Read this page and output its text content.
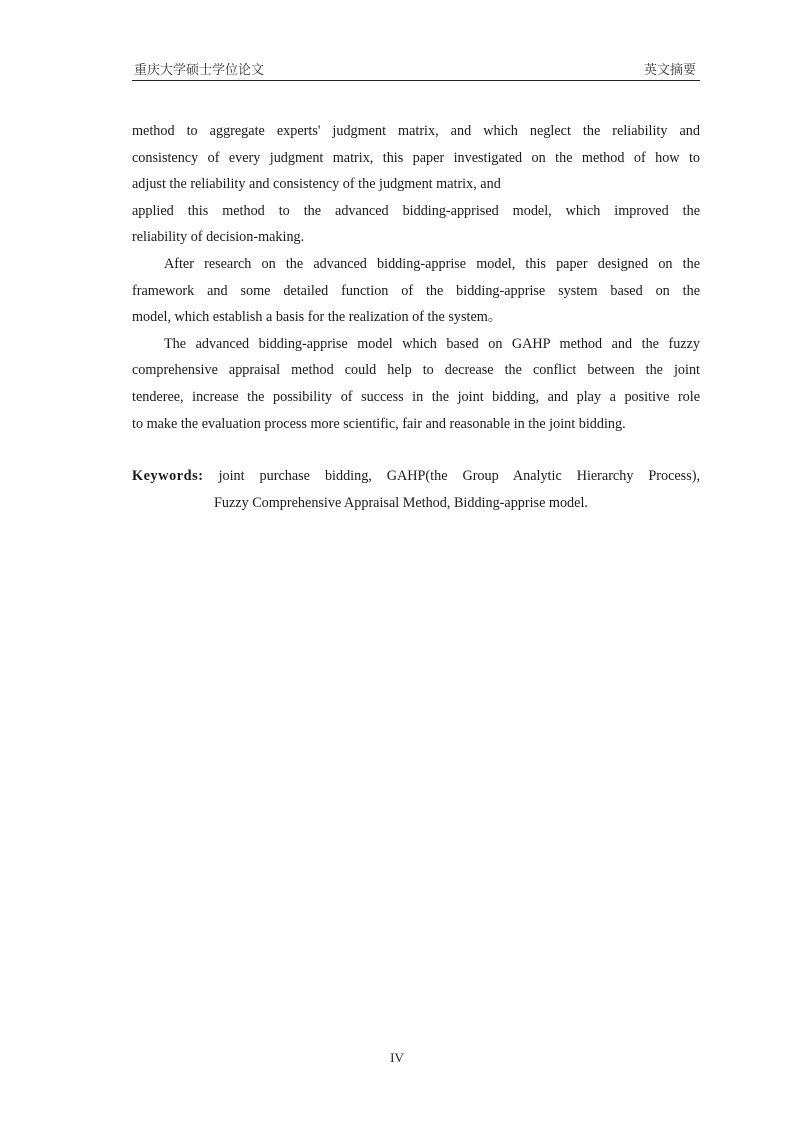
重庆大学硕士学位论文	英文摘要
method to aggregate experts' judgment matrix, and which neglect the reliability and
consistency of every judgment matrix, this paper investigated on the method of how to
adjust the reliability and consistency of the judgment matrix, and
applied this method to the advanced bidding-apprised model, which improved the
reliability of decision-making.
After research on the advanced bidding-apprise model, this paper designed on the
framework and some detailed function of the bidding-apprise system based on the
model, which establish a basis for the realization of the system。
The advanced bidding-apprise model which based on GAHP method and the fuzzy
comprehensive appraisal method could help to decrease the conflict between the joint
tenderee, increase the possibility of success in the joint bidding, and play a positive role
to make the evaluation process more scientific, fair and reasonable in the joint bidding.
Keywords: joint purchase bidding, GAHP(the Group Analytic Hierarchy Process),
Fuzzy Comprehensive Appraisal Method, Bidding-apprise model.
IV
